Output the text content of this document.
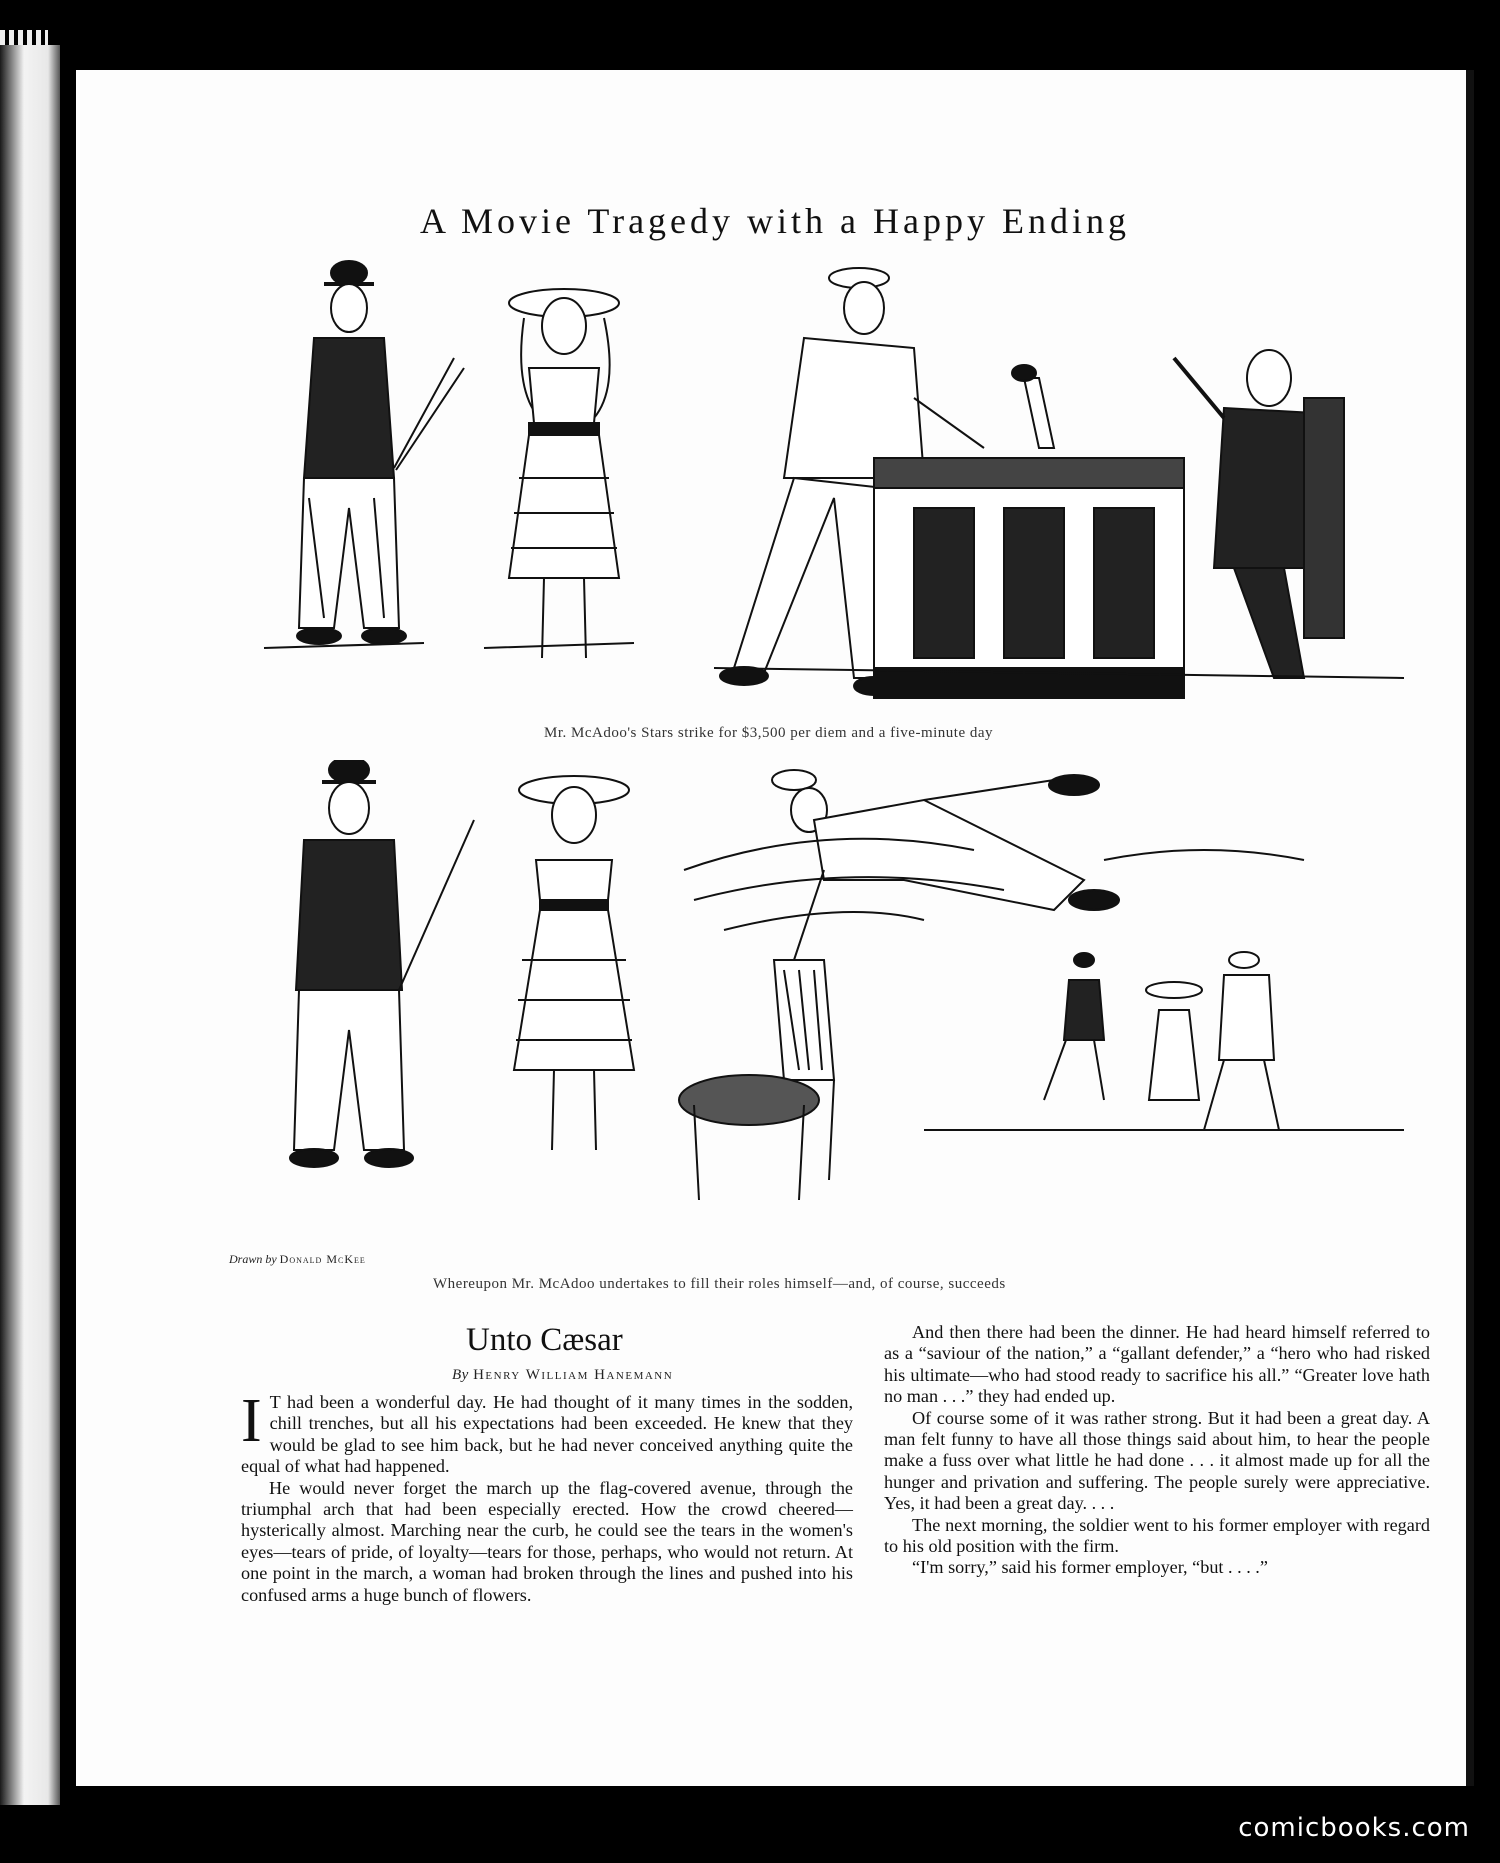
A Movie Tragedy with a Happy Ending
Mr. McAdoo's Stars strike for $3,500 per diem and a five-minute day
Drawn by Donald McKee
Whereupon Mr. McAdoo undertakes to fill their roles himself—and, of course, succeeds
Unto Cæsar
By Henry William Hanemann

I T had been a wonderful day. He had thought of it many times in the sodden, chill trenches, but all his expectations had been exceeded. He knew that they would be glad to see him back, but he had never conceived anything quite the equal of what had happened.

He would never forget the march up the flag-covered avenue, through the triumphal arch that had been especially erected. How the crowd cheered—hysterically almost. Marching near the curb, he could see the tears in the women's eyes—tears of pride, of loyalty—tears for those, perhaps, who would not return. At one point in the march, a woman had broken through the lines and pushed into his confused arms a huge bunch of flowers.

And then there had been the dinner. He had heard himself referred to as a “saviour of the nation,” a “gallant defender,” a “hero who had risked his ultimate—who had stood ready to sacrifice his all.” “Greater love hath no man . . .” they had ended up.

Of course some of it was rather strong. But it had been a great day. A man felt funny to have all those things said about him, to hear the people make a fuss over what little he had done . . . it almost made up for all the hunger and privation and suffering. The people surely were appreciative. Yes, it had been a great day. . . .

The next morning, the soldier went to his former employer with regard to his old position with the firm.

“I'm sorry,” said his former employer, “but . . . .”

comicbooks.com
